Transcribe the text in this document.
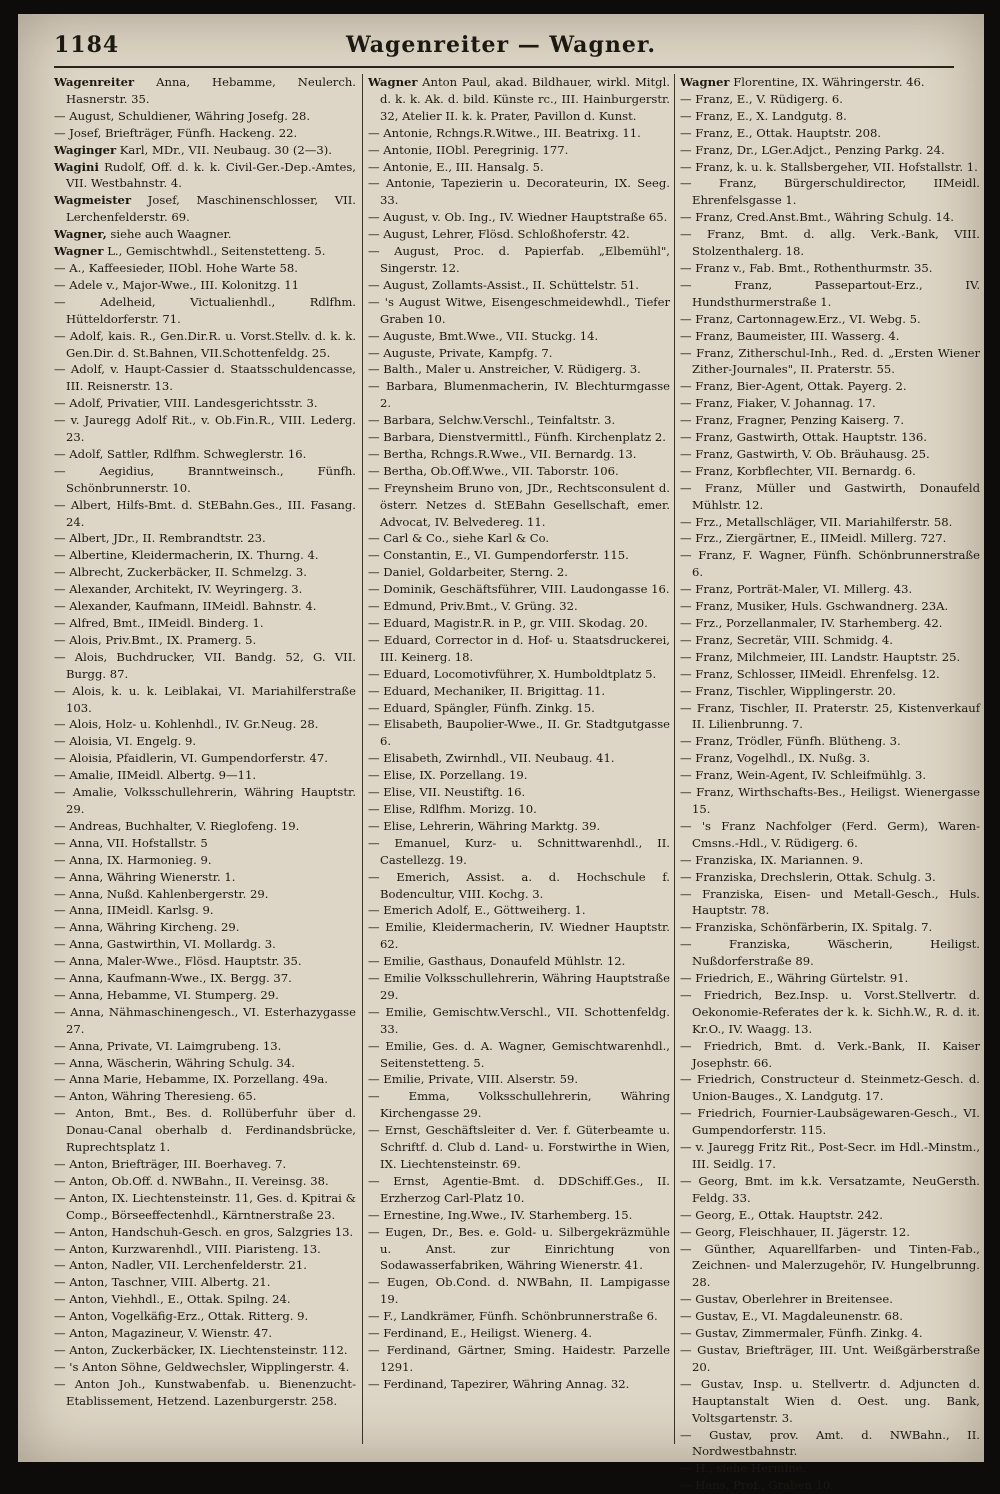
1184	Wagenreiter — Wagner.

Wagenreiter Anna, Hebamme, Neulerch. Hasnerstr. 35.

— August, Schuldiener, Währing Josefg. 28.

— Josef, Briefträger, Fünfh. Hackeng. 22.

Waginger Karl, MDr., VII. Neubaug. 30 (2—3).

Wagini Rudolf, Off. d. k. k. Civil-Ger.-Dep.-Amtes, VII. Westbahnstr. 4.

Wagmeister Josef, Maschinenschlosser, VII. Lerchenfelderstr. 69.

Wagner, siehe auch Waagner.

Wagner L., Gemischtwhdl., Seitenstetteng. 5.

— A., Kaffeesieder, IIObl. Hohe Warte 58.

— Adele v., Major-Wwe., III. Kolonitzg. 11

— Adelheid, Victualienhdl., Rdlfhm. Hütteldorferstr. 71.

— Adolf, kais. R., Gen.Dir.R. u. Vorst.Stellv. d. k. k. Gen.Dir. d. St.Bahnen, VII.Schottenfeldg. 25.

— Adolf, v. Haupt-Cassier d. Staatsschuldencasse, III. Reisnerstr. 13.

— Adolf, Privatier, VIII. Landesgerichtsstr. 3.

— v. Jauregg Adolf Rit., v. Ob.Fin.R., VIII. Lederg. 23.

— Adolf, Sattler, Rdlfhm. Schweglerstr. 16.

— Aegidius, Branntweinsch., Fünfh. Schönbrunnerstr. 10.

— Albert, Hilfs-Bmt. d. StEBahn.Ges., III. Fasang. 24.

— Albert, JDr., II. Rembrandtstr. 23.

— Albertine, Kleidermacherin, IX. Thurng. 4.

— Albrecht, Zuckerbäcker, II. Schmelzg. 3.

— Alexander, Architekt, IV. Weyringerg. 3.

— Alexander, Kaufmann, IIMeidl. Bahnstr. 4.

— Alfred, Bmt., IIMeidl. Binderg. 1.

— Alois, Priv.Bmt., IX. Pramerg. 5.

— Alois, Buchdrucker, VII. Bandg. 52, G. VII. Burgg. 87.

— Alois, k. u. k. Leiblakai, VI. Mariahilferstraße 103.

— Alois, Holz- u. Kohlenhdl., IV. Gr.Neug. 28.

— Aloisia, VI. Engelg. 9.

— Aloisia, Pfaidlerin, VI. Gumpendorferstr. 47.

— Amalie, IIMeidl. Albertg. 9—11.

— Amalie, Volksschullehrerin, Währing Hauptstr. 29.

— Andreas, Buchhalter, V. Rieglofeng. 19.

— Anna, VII. Hofstallstr. 5

— Anna, IX. Harmonieg. 9.

— Anna, Währing Wienerstr. 1.

— Anna, Nußd. Kahlenbergerstr. 29.

— Anna, IIMeidl. Karlsg. 9.

— Anna, Währing Kircheng. 29.

— Anna, Gastwirthin, VI. Mollardg. 3.

— Anna, Maler-Wwe., Flösd. Hauptstr. 35.

— Anna, Kaufmann-Wwe., IX. Bergg. 37.

— Anna, Hebamme, VI. Stumperg. 29.

— Anna, Nähmaschinengesch., VI. Esterhazygasse 27.

— Anna, Private, VI. Laimgrubeng. 13.

— Anna, Wäscherin, Währing Schulg. 34.

— Anna Marie, Hebamme, IX. Porzellang. 49a.

— Anton, Währing Theresieng. 65.

— Anton, Bmt., Bes. d. Rollüberfuhr über d. Donau-Canal oberhalb d. Ferdinandsbrücke, Ruprechtsplatz 1.

— Anton, Briefträger, III. Boerhaveg. 7.

— Anton, Ob.Off. d. NWBahn., II. Vereinsg. 38.

— Anton, IX. Liechtensteinstr. 11, Ges. d. Kpitrai & Comp., Börseeffectenhdl., Kärntnerstraße 23.

— Anton, Handschuh-Gesch. en gros, Salzgries 13.

— Anton, Kurzwarenhdl., VIII. Piaristeng. 13.

— Anton, Nadler, VII. Lerchenfelderstr. 21.

— Anton, Taschner, VIII. Albertg. 21.

— Anton, Viehhdl., E., Ottak. Spilng. 24.

— Anton, Vogelkäfig-Erz., Ottak. Ritterg. 9.

— Anton, Magazineur, V. Wienstr. 47.

— Anton, Zuckerbäcker, IX. Liechtensteinstr. 112.

— 's Anton Söhne, Geldwechsler, Wipplingerstr. 4.

— Anton Joh., Kunstwabenfab. u. Bienenzucht-Etablissement, Hetzend. Lazenburgerstr. 258.

Wagner Anton Paul, akad. Bildhauer, wirkl. Mitgl. d. k. k. Ak. d. bild. Künste rc., III. Hainburgerstr. 32, Atelier II. k. k. Prater, Pavillon d. Kunst.

— Antonie, Rchngs.R.Witwe., III. Beatrixg. 11.

— Antonie, IIObl. Peregrinig. 177.

— Antonie, E., III. Hansalg. 5.

— Antonie, Tapezierin u. Decorateurin, IX. Seeg. 33.

— August, v. Ob. Ing., IV. Wiedner Hauptstraße 65.

— August, Lehrer, Flösd. Schloßhoferstr. 42.

— August, Proc. d. Papierfab. „Elbemühl", Singerstr. 12.

— August, Zollamts-Assist., II. Schüttelstr. 51.

— 's August Witwe, Eisengeschmeidewhdl., Tiefer Graben 10.

— Auguste, Bmt.Wwe., VII. Stuckg. 14.

— Auguste, Private, Kampfg. 7.

— Balth., Maler u. Anstreicher, V. Rüdigerg. 3.

— Barbara, Blumenmacherin, IV. Blechturmgasse 2.

— Barbara, Selchw.Verschl., Teinfaltstr. 3.

— Barbara, Dienstvermittl., Fünfh. Kirchenplatz 2.

— Bertha, Rchngs.R.Wwe., VII. Bernardg. 13.

— Bertha, Ob.Off.Wwe., VII. Taborstr. 106.

— Freynsheim Bruno von, JDr., Rechtsconsulent d. österr. Netzes d. StEBahn Gesellschaft, emer. Advocat, IV. Belvedereg. 11.

— Carl & Co., siehe Karl & Co.

— Constantin, E., VI. Gumpendorferstr. 115.

— Daniel, Goldarbeiter, Sterng. 2.

— Dominik, Geschäftsführer, VIII. Laudongasse 16.

— Edmund, Priv.Bmt., V. Grüng. 32.

— Eduard, Magistr.R. in P., gr. VIII. Skodag. 20.

— Eduard, Corrector in d. Hof- u. Staatsdruckerei, III. Keinerg. 18.

— Eduard, Locomotivführer, X. Humboldtplatz 5.

— Eduard, Mechaniker, II. Brigittag. 11.

— Eduard, Spängler, Fünfh. Zinkg. 15.

— Elisabeth, Baupolier-Wwe., II. Gr. Stadtgutgasse 6.

— Elisabeth, Zwirnhdl., VII. Neubaug. 41.

— Elise, IX. Porzellang. 19.

— Elise, VII. Neustiftg. 16.

— Elise, Rdlfhm. Morizg. 10.

— Elise, Lehrerin, Währing Marktg. 39.

— Emanuel, Kurz- u. Schnittwarenhdl., II. Castellezg. 19.

— Emerich, Assist. a. d. Hochschule f. Bodencultur, VIII. Kochg. 3.

— Emerich Adolf, E., Göttweiherg. 1.

— Emilie, Kleidermacherin, IV. Wiedner Hauptstr. 62.

— Emilie, Gasthaus, Donaufeld Mühlstr. 12.

— Emilie Volksschullehrerin, Währing Hauptstraße 29.

— Emilie, Gemischtw.Verschl., VII. Schottenfeldg. 33.

— Emilie, Ges. d. A. Wagner, Gemischtwarenhdl., Seitenstetteng. 5.

— Emilie, Private, VIII. Alserstr. 59.

— Emma, Volksschullehrerin, Währing Kirchengasse 29.

— Ernst, Geschäftsleiter d. Ver. f. Güterbeamte u. Schriftf. d. Club d. Land- u. Forstwirthe in Wien, IX. Liechtensteinstr. 69.

— Ernst, Agentie-Bmt. d. DDSchiff.Ges., II. Erzherzog Carl-Platz 10.

— Ernestine, Ing.Wwe., IV. Starhemberg. 15.

— Eugen, Dr., Bes. e. Gold- u. Silbergekräzmühle u. Anst. zur Einrichtung von Sodawasserfabriken, Währing Wienerstr. 41.

— Eugen, Ob.Cond. d. NWBahn, II. Lampigasse 19.

— F., Landkrämer, Fünfh. Schönbrunnerstraße 6.

— Ferdinand, E., Heiligst. Wienerg. 4.

— Ferdinand, Gärtner, Sming. Haidestr. Parzelle 1291.

— Ferdinand, Tapezirer, Währing Annag. 32.

Wagner Florentine, IX. Währingerstr. 46.

— Franz, E., V. Rüdigerg. 6.

— Franz, E., X. Landgutg. 8.

— Franz, E., Ottak. Hauptstr. 208.

— Franz, Dr., LGer.Adjct., Penzing Parkg. 24.

— Franz, k. u. k. Stallsbergeher, VII. Hofstallstr. 1.

— Franz, Bürgerschuldirector, IIMeidl. Ehrenfelsgasse 1.

— Franz, Cred.Anst.Bmt., Währing Schulg. 14.

— Franz, Bmt. d. allg. Verk.-Bank, VIII. Stolzenthalerg. 18.

— Franz v., Fab. Bmt., Rothenthurmstr. 35.

— Franz, Passepartout-Erz., IV. Hundsthurmerstraße 1.

— Franz, Cartonnagew.Erz., VI. Webg. 5.

— Franz, Baumeister, III. Wasserg. 4.

— Franz, Zitherschul-Inh., Red. d. „Ersten Wiener Zither-Journales", II. Praterstr. 55.

— Franz, Bier-Agent, Ottak. Payerg. 2.

— Franz, Fiaker, V. Johannag. 17.

— Franz, Fragner, Penzing Kaiserg. 7.

— Franz, Gastwirth, Ottak. Hauptstr. 136.

— Franz, Gastwirth, V. Ob. Bräuhausg. 25.

— Franz, Korbflechter, VII. Bernardg. 6.

— Franz, Müller und Gastwirth, Donaufeld Mühlstr. 12.

— Frz., Metallschläger, VII. Mariahilferstr. 58.

— Frz., Ziergärtner, E., IIMeidl. Millerg. 727.

— Franz, F. Wagner, Fünfh. Schönbrunnerstraße 6.

— Franz, Porträt-Maler, VI. Millerg. 43.

— Franz, Musiker, Huls. Gschwandnerg. 23A.

— Frz., Porzellanmaler, IV. Starhemberg. 42.

— Franz, Secretär, VIII. Schmidg. 4.

— Franz, Milchmeier, III. Landstr. Hauptstr. 25.

— Franz, Schlosser, IIMeidl. Ehrenfelsg. 12.

— Franz, Tischler, Wipplingerstr. 20.

— Franz, Tischler, II. Praterstr. 25, Kistenverkauf II. Lilienbrunng. 7.

— Franz, Trödler, Fünfh. Blütheng. 3.

— Franz, Vogelhdl., IX. Nußg. 3.

— Franz, Wein-Agent, IV. Schleifmühlg. 3.

— Franz, Wirthschafts-Bes., Heiligst. Wienergasse 15.

— 's Franz Nachfolger (Ferd. Germ), Waren-Cmsns.-Hdl., V. Rüdigerg. 6.

— Franziska, IX. Mariannen. 9.

— Franziska, Drechslerin, Ottak. Schulg. 3.

— Franziska, Eisen- und Metall-Gesch., Huls. Hauptstr. 78.

— Franziska, Schönfärberin, IX. Spitalg. 7.

— Franziska, Wäscherin, Heiligst. Nußdorferstraße 89.

— Friedrich, E., Währing Gürtelstr. 91.

— Friedrich, Bez.Insp. u. Vorst.Stellvertr. d. Oekonomie-Referates der k. k. Sichh.W., R. d. it. Kr.O., IV. Waagg. 13.

— Friedrich, Bmt. d. Verk.-Bank, II. Kaiser Josephstr. 66.

— Friedrich, Constructeur d. Steinmetz-Gesch. d. Union-Bauges., X. Landgutg. 17.

— Friedrich, Fournier-Laubsägewaren-Gesch., VI. Gumpendorferstr. 115.

— v. Jauregg Fritz Rit., Post-Secr. im Hdl.-Minstm., III. Seidlg. 17.

— Georg, Bmt. im k.k. Versatzamte, NeuGersth. Feldg. 33.

— Georg, E., Ottak. Hauptstr. 242.

— Georg, Fleischhauer, II. Jägerstr. 12.

— Günther, Aquarellfarben- und Tinten-Fab., Zeichnen- und Malerzugehör, IV. Hungelbrunng. 28.

— Gustav, Oberlehrer in Breitensee.

— Gustav, E., VI. Magdaleunenstr. 68.

— Gustav, Zimmermaler, Fünfh. Zinkg. 4.

— Gustav, Briefträger, III. Unt. Weißgärberstraße 20.

— Gustav, Insp. u. Stellvertr. d. Adjuncten d. Hauptanstalt Wien d. Oest. ung. Bank, Voltsgartenstr. 3.

— Gustav, prov. Amt. d. NWBahn., II. Nordwestbahnstr.

— H., siehe Hermine.

— Hans, Prof., Graben 10.
